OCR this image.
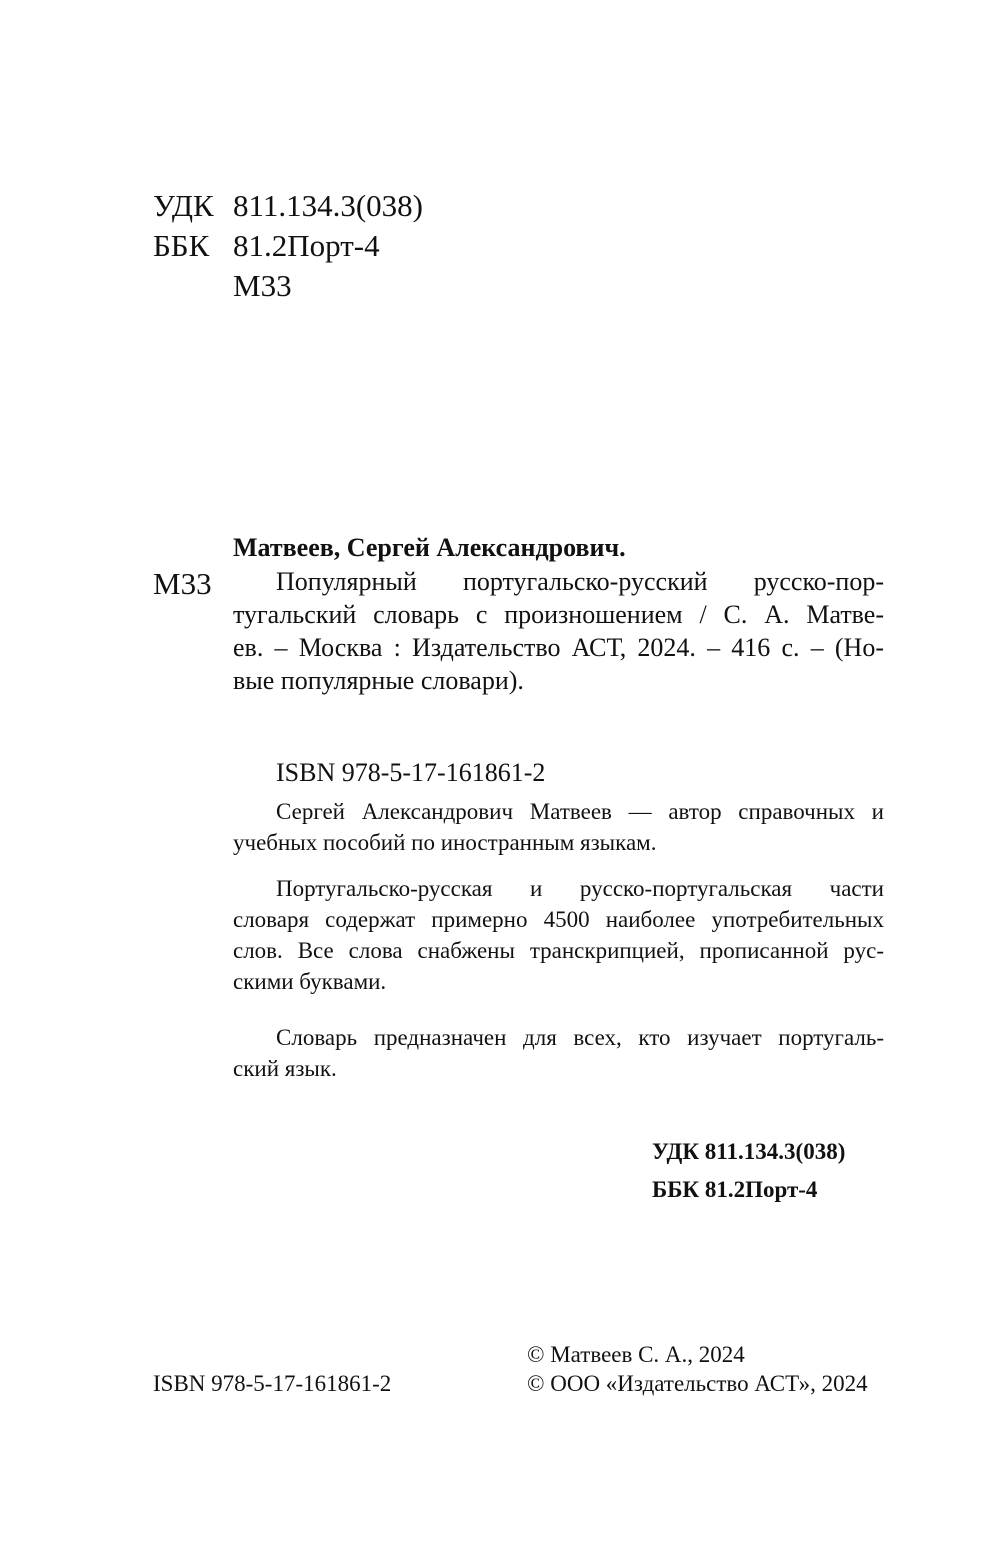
УДК 811.134.3(038)
ББК 81.2Порт-4
М33
Матвеев, Сергей Александрович.
М33	Популярный португальско-русский русско-пор-
тугальский словарь с произношением / С. А. Матве-
ев. – Москва : Издательство АСТ, 2024. – 416 с. – (Но-
вые популярные словари).
ISBN 978-5-17-161861-2
Сергей Александрович Матвеев — автор справочных и
учебных пособий по иностранным языкам.
Португальско-русская и русско-португальская части
словаря содержат примерно 4500 наиболее употребительных
слов. Все слова снабжены транскрипцией, прописанной рус-
скими буквами.
Словарь предназначен для всех, кто изучает португаль-
ский язык.
УДК 811.134.3(038)
ББК 81.2Порт-4
ISBN 978-5-17-161861-2
© Матвеев С. А., 2024
© ООО «Издательство АСТ», 2024
